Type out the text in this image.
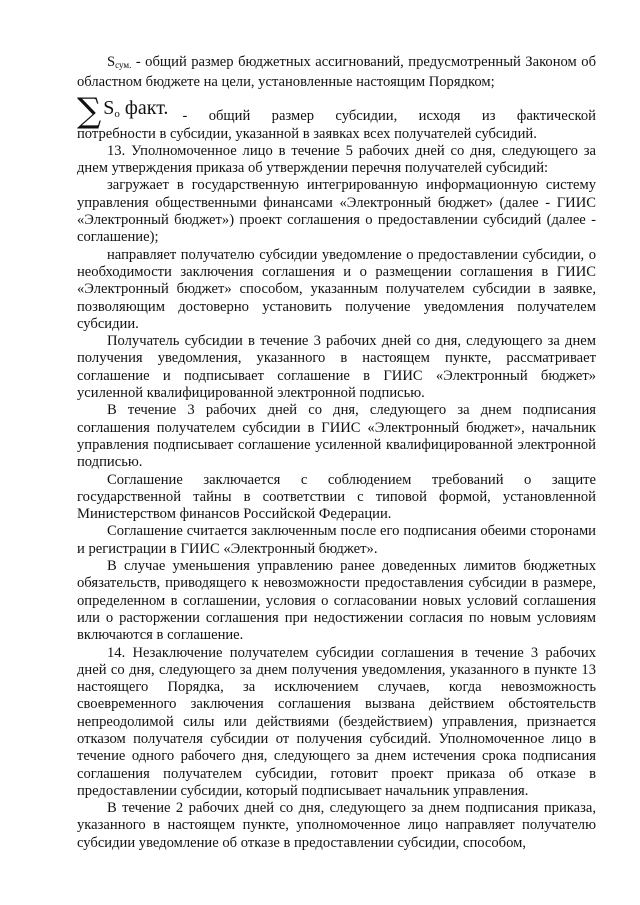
$S_{сум.}$ - общий размер бюджетных ассигнований, предусмотренный Законом об областном бюджете на цели, установленные настоящим Порядком;

∑ $S_о$ факт. - общий размер субсидии, исходя из фактической

потребности в субсидии, указанной в заявках всех получателей субсидий.

13. Уполномоченное лицо в течение 5 рабочих дней со дня, следующего за днем утверждения приказа об утверждении перечня получателей субсидий:

загружает в государственную интегрированную информационную систему управления общественными финансами «Электронный бюджет» (далее - ГИИС «Электронный бюджет») проект соглашения о предоставлении субсидий (далее - соглашение);

направляет получателю субсидии уведомление о предоставлении субсидии, о необходимости заключения соглашения и о размещении соглашения в ГИИС «Электронный бюджет» способом, указанным получателем субсидии в заявке, позволяющим достоверно установить получение уведомления получателем субсидии.

Получатель субсидии в течение 3 рабочих дней со дня, следующего за днем получения уведомления, указанного в настоящем пункте, рассматривает соглашение и подписывает соглашение в ГИИС «Электронный бюджет» усиленной квалифицированной электронной подписью.

В течение 3 рабочих дней со дня, следующего за днем подписания соглашения получателем субсидии в ГИИС «Электронный бюджет», начальник управления подписывает соглашение усиленной квалифицированной электронной подписью.

Соглашение заключается с соблюдением требований о защите государственной тайны в соответствии с типовой формой, установленной Министерством финансов Российской Федерации.

Соглашение считается заключенным после его подписания обеими сторонами и регистрации в ГИИС «Электронный бюджет».

В случае уменьшения управлению ранее доведенных лимитов бюджетных обязательств, приводящего к невозможности предоставления субсидии в размере, определенном в соглашении, условия о согласовании новых условий соглашения или о расторжении соглашения при недостижении согласия по новым условиям включаются в соглашение.

14. Незаключение получателем субсидии соглашения в течение 3 рабочих дней со дня, следующего за днем получения уведомления, указанного в пункте 13 настоящего Порядка, за исключением случаев, когда невозможность своевременного заключения соглашения вызвана действием обстоятельств непреодолимой силы или действиями (бездействием) управления, признается отказом получателя субсидии от получения субсидий. Уполномоченное лицо в течение одного рабочего дня, следующего за днем истечения срока подписания соглашения получателем субсидии, готовит проект приказа об отказе в предоставлении субсидии, который подписывает начальник управления.

В течение 2 рабочих дней со дня, следующего за днем подписания приказа, указанного в настоящем пункте, уполномоченное лицо направляет получателю субсидии уведомление об отказе в предоставлении субсидии, способом,
